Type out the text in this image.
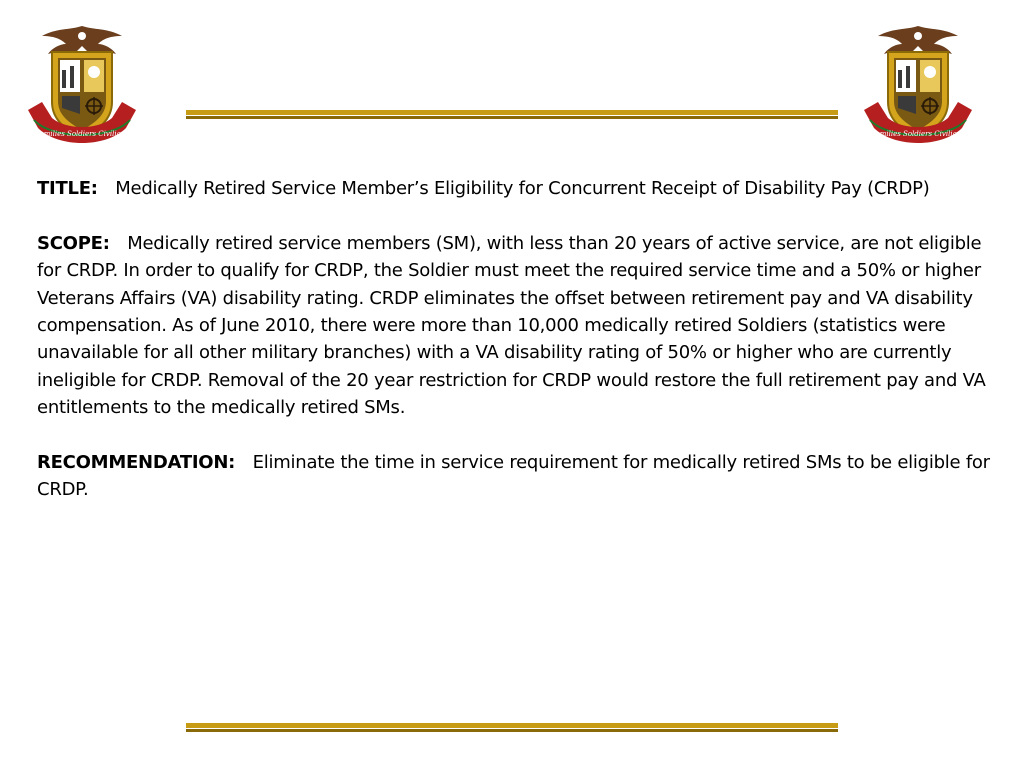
Families Soldiers Civilians	Families Soldiers Civilians

TITLE:   Medically Retired Service Member’s Eligibility for Concurrent Receipt of Disability Pay (CRDP)

SCOPE:   Medically retired service members (SM), with less than 20 years of active service, are not eligible for CRDP. In order to qualify for CRDP, the Soldier must meet the required service time and a 50% or higher Veterans Affairs (VA) disability rating. CRDP eliminates the offset between retirement pay and VA disability compensation. As of June 2010, there were more than 10,000 medically retired Soldiers (statistics were unavailable for all other military branches) with a VA disability rating of 50% or higher who are currently ineligible for CRDP. Removal of the 20 year restriction for CRDP would restore the full retirement pay and VA entitlements to the medically retired SMs.

RECOMMENDATION:   Eliminate the time in service requirement for medically retired SMs to be eligible for CRDP.
